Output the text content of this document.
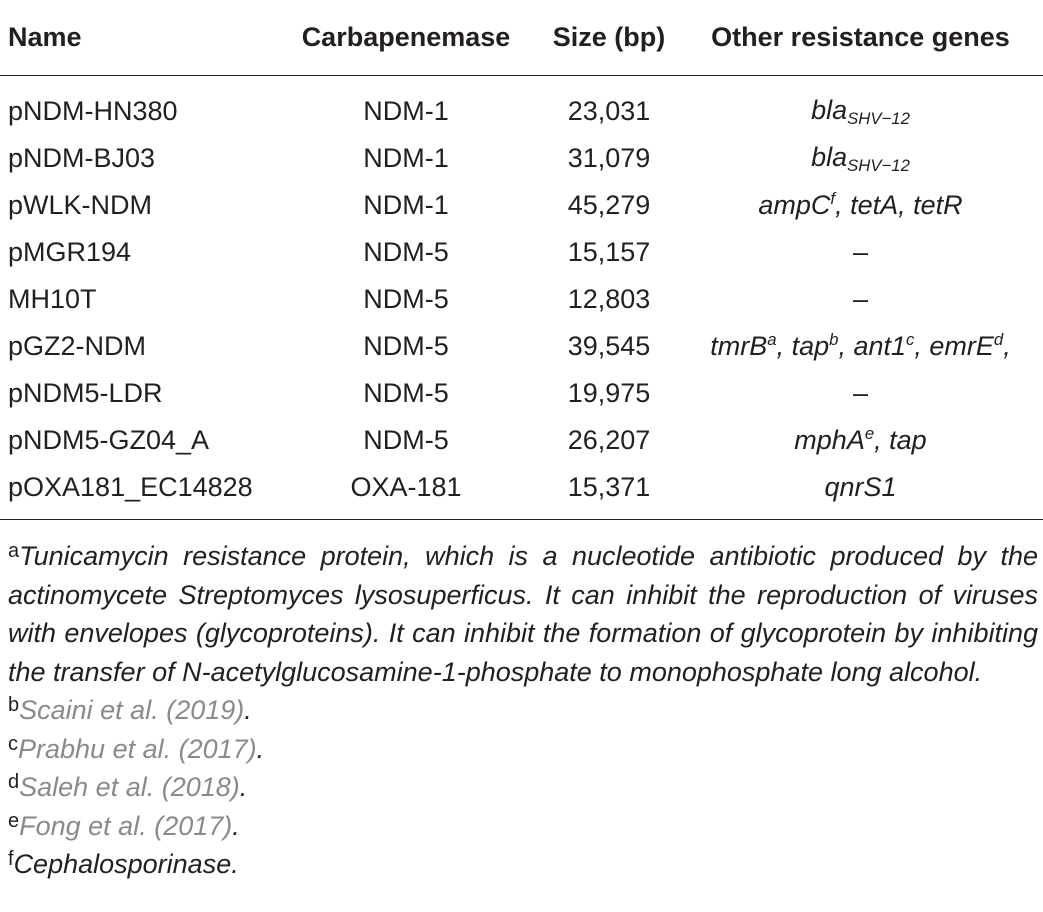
Name	Carbapenemase	Size (bp)	Other resistance genes
pNDM-HN380	NDM-1	23,031	bla$_{SHV-12}$
pNDM-BJ03	NDM-1	31,079	bla$_{SHV-12}$
pWLK-NDM	NDM-1	45,279	ampC$^f$, tetA, tetR
pMGR194	NDM-5	15,157	–
MH10T	NDM-5	12,803	–
pGZ2-NDM	NDM-5	39,545	tmrB$^a$, tap$^b$, ant1$^c$, emrE$^d$,
pNDM5-LDR	NDM-5	19,975	–
pNDM5-GZ04_A	NDM-5	26,207	mphA$^e$, tap
pOXA181_EC14828	OXA-181	15,371	qnrS1

$^a$Tunicamycin resistance protein, which is a nucleotide antibiotic produced by the actinomycete Streptomyces lysosuperficus. It can inhibit the reproduction of viruses with envelopes (glycoproteins). It can inhibit the formation of glycoprotein by inhibiting the transfer of N-acetylglucosamine-1-phosphate to monophosphate long alcohol.

$^b$Scaini et al. (2019).

$^c$Prabhu et al. (2017).

$^d$Saleh et al. (2018).

$^e$Fong et al. (2017).

$^f$Cephalosporinase.
